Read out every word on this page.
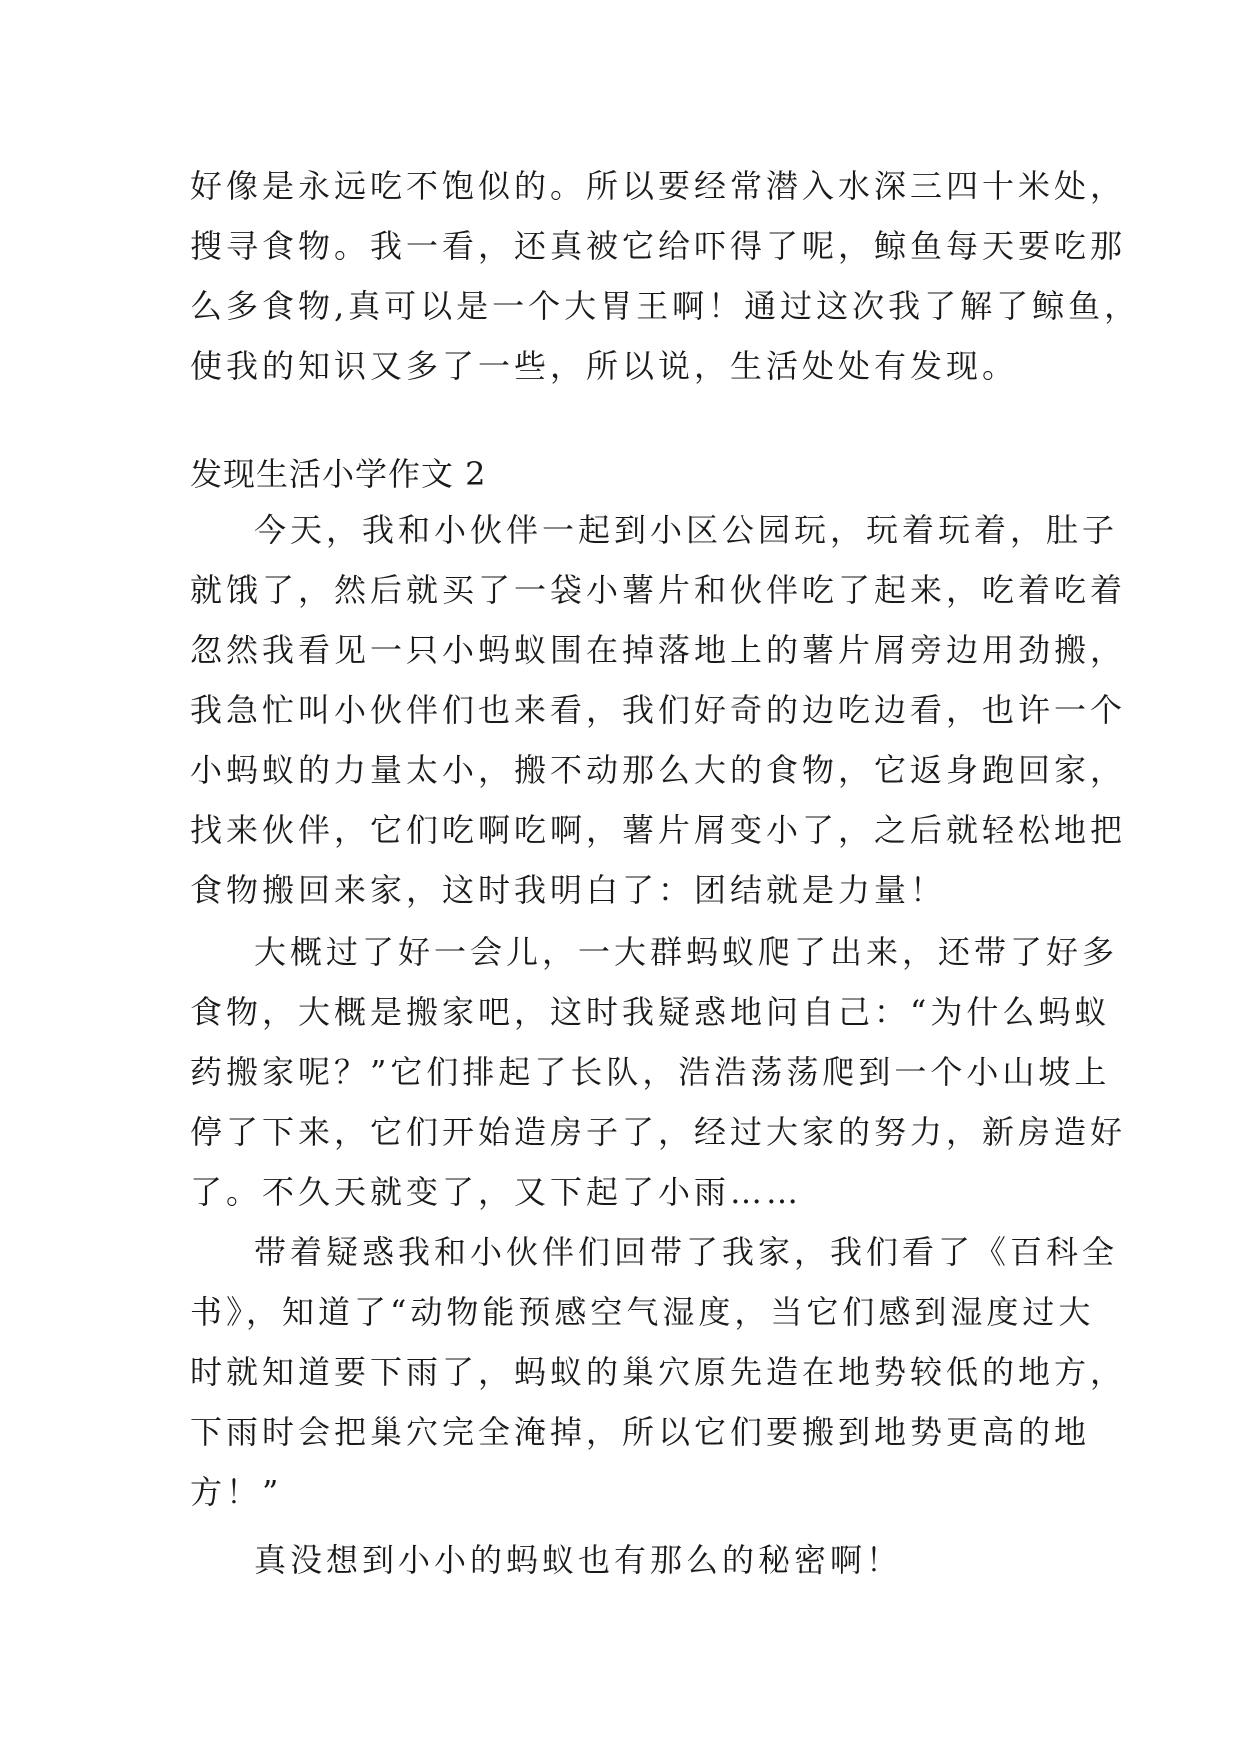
好像是永远吃不饱似的。所以要经常潜入水深三四十米处，
搜寻食物。我一看，还真被它给吓得了呢，鲸鱼每天要吃那
么多食物,真可以是一个大胃王啊！通过这次我了解了鲸鱼，
使我的知识又多了一些，所以说，生活处处有发现。
发现生活小学作文 2
今天，我和小伙伴一起到小区公园玩，玩着玩着，肚子
就饿了，然后就买了一袋小薯片和伙伴吃了起来，吃着吃着
忽然我看见一只小蚂蚁围在掉落地上的薯片屑旁边用劲搬，
我急忙叫小伙伴们也来看，我们好奇的边吃边看，也许一个
小蚂蚁的力量太小，搬不动那么大的食物，它返身跑回家，
找来伙伴，它们吃啊吃啊，薯片屑变小了，之后就轻松地把
食物搬回来家，这时我明白了：团结就是力量！
大概过了好一会儿，一大群蚂蚁爬了出来，还带了好多
食物，大概是搬家吧，这时我疑惑地问自己：“为什么蚂蚁
药搬家呢？”它们排起了长队，浩浩荡荡爬到一个小山坡上
停了下来，它们开始造房子了，经过大家的努力，新房造好
了。不久天就变了，又下起了小雨……
带着疑惑我和小伙伴们回带了我家，我们看了《百科全
书》，知道了“动物能预感空气湿度，当它们感到湿度过大
时就知道要下雨了，蚂蚁的巢穴原先造在地势较低的地方，
下雨时会把巢穴完全淹掉，所以它们要搬到地势更高的地
方！”
真没想到小小的蚂蚁也有那么的秘密啊！
